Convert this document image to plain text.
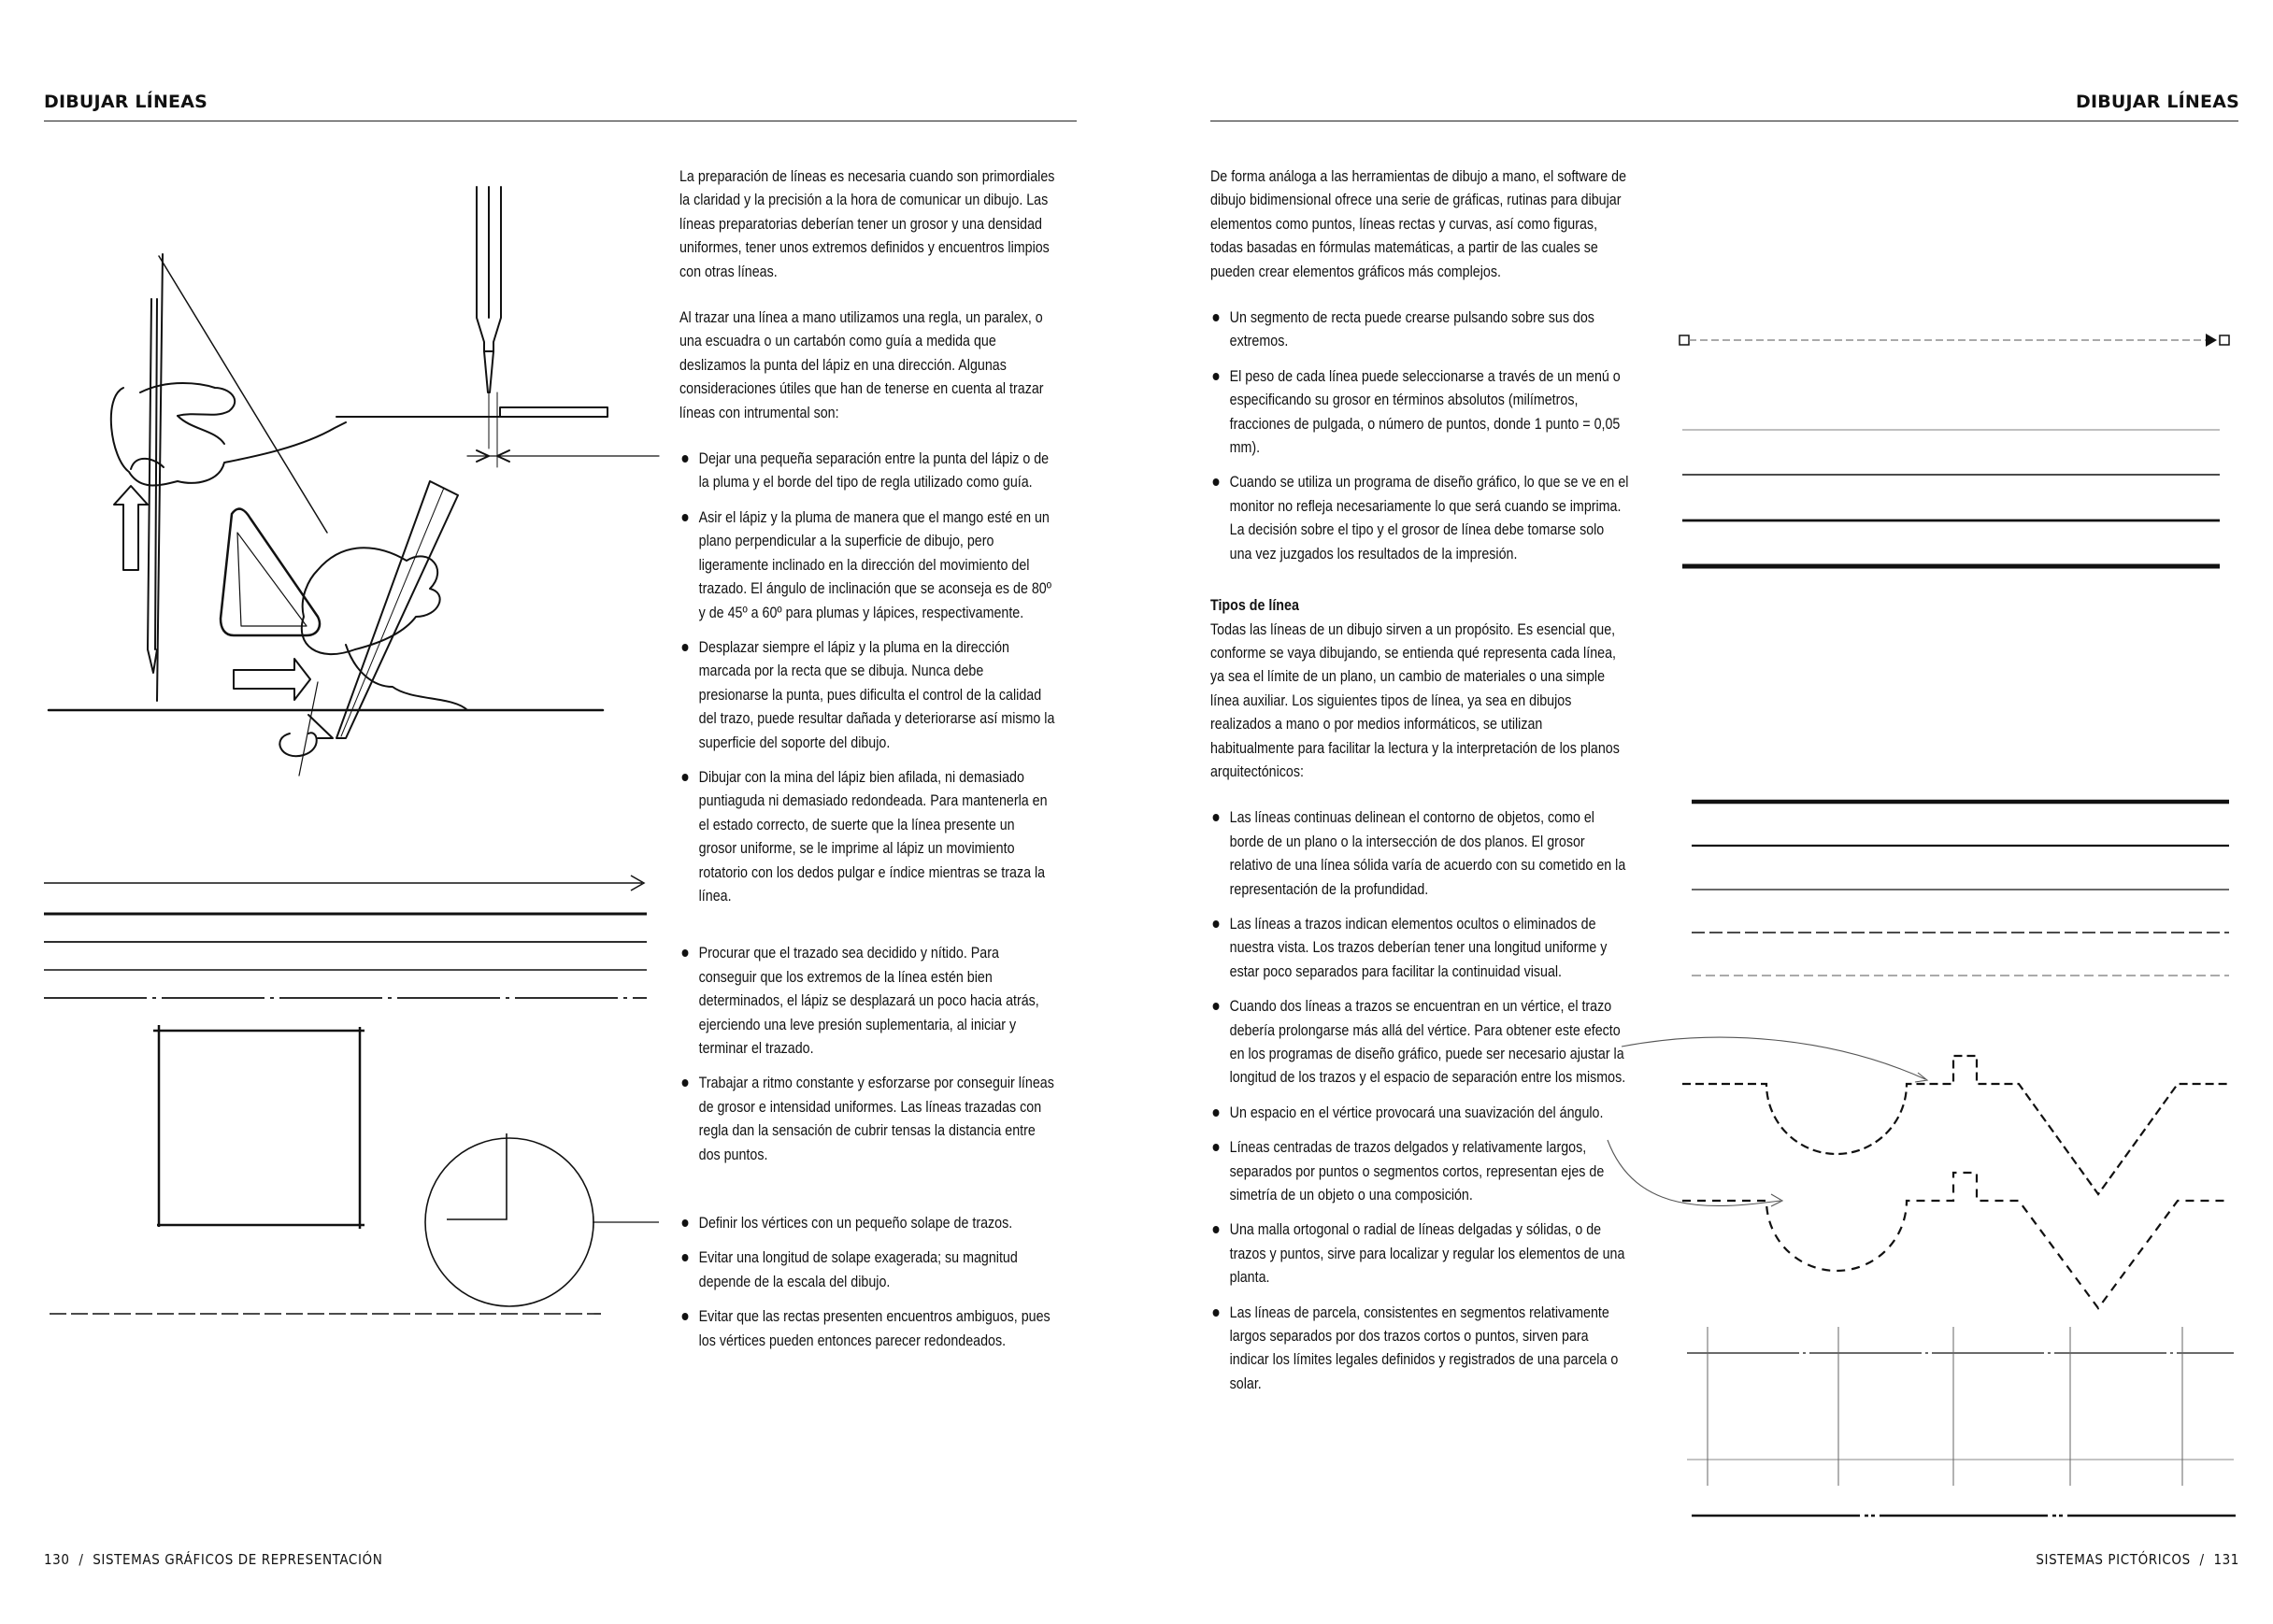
DIBUJAR LÍNEAS

La preparación de líneas es necesaria cuando son primordiales la claridad y la precisión a la hora de comunicar un dibujo. Las líneas preparatorias deberían tener un grosor y una densidad uniformes, tener unos extremos definidos y encuentros limpios con otras líneas.

Al trazar una línea a mano utilizamos una regla, un paralex, o una escuadra o un cartabón como guía a medida que deslizamos la punta del lápiz en una dirección. Algunas consideraciones útiles que han de tenerse en cuenta al trazar líneas con intrumental son:

Dejar una pequeña separación entre la punta del lápiz o de la pluma y el borde del tipo de regla utilizado como guía.
Asir el lápiz y la pluma de manera que el mango esté en un plano perpendicular a la superficie de dibujo, pero ligeramente inclinado en la dirección del movimiento del trazado. El ángulo de inclinación que se aconseja es de 80º y de 45º a 60º para plumas y lápices, respectivamente.
Desplazar siempre el lápiz y la pluma en la dirección marcada por la recta que se dibuja. Nunca debe presionarse la punta, pues dificulta el control de la calidad del trazo, puede resultar dañada y deteriorarse así mismo la superficie del soporte del dibujo.
Dibujar con la mina del lápiz bien afilada, ni demasiado puntiaguda ni demasiado redondeada. Para mantenerla en el estado correcto, de suerte que la línea presente un grosor uniforme, se le imprime al lápiz un movimiento rotatorio con los dedos pulgar e índice mientras se traza la línea.
Procurar que el trazado sea decidido y nítido. Para conseguir que los extremos de la línea estén bien determinados, el lápiz se desplazará un poco hacia atrás, ejerciendo una leve presión suplementaria, al iniciar y terminar el trazado.
Trabajar a ritmo constante y esforzarse por conseguir líneas de grosor e intensidad uniformes. Las líneas trazadas con regla dan la sensación de cubrir tensas la distancia entre dos puntos.
Definir los vértices con un pequeño solape de trazos.
Evitar una longitud de solape exagerada; su magnitud depende de la escala del dibujo.
Evitar que las rectas presenten encuentros ambiguos, pues los vértices pueden entonces parecer redondeados.
130  /  SISTEMAS GRÁFICOS DE REPRESENTACIÓN
DIBUJAR LÍNEAS

De forma análoga a las herramientas de dibujo a mano, el software de dibujo bidimensional ofrece una serie de gráficas, rutinas para dibujar elementos como puntos, líneas rectas y curvas, así como figuras, todas basadas en fórmulas matemáticas, a partir de las cuales se pueden crear elementos gráficos más complejos.

Un segmento de recta puede crearse pulsando sobre sus dos extremos.
El peso de cada línea puede seleccionarse a través de un menú o especificando su grosor en términos absolutos (milímetros, fracciones de pulgada, o número de puntos, donde 1 punto = 0,05 mm).
Cuando se utiliza un programa de diseño gráfico, lo que se ve en el monitor no refleja necesariamente lo que será cuando se imprima. La decisión sobre el tipo y el grosor de línea debe tomarse solo una vez juzgados los resultados de la impresión.
Tipos de línea

Todas las líneas de un dibujo sirven a un propósito. Es esencial que, conforme se vaya dibujando, se entienda qué representa cada línea, ya sea el límite de un plano, un cambio de materiales o una simple línea auxiliar. Los siguientes tipos de línea, ya sea en dibujos realizados a mano o por medios informáticos, se utilizan habitualmente para facilitar la lectura y la interpretación de los planos arquitectónicos:

Las líneas continuas delinean el contorno de objetos, como el borde de un plano o la intersección de dos planos. El grosor relativo de una línea sólida varía de acuerdo con su cometido en la representación de la profundidad.
Las líneas a trazos indican elementos ocultos o eliminados de nuestra vista. Los trazos deberían tener una longitud uniforme y estar poco separados para facilitar la continuidad visual.
Cuando dos líneas a trazos se encuentran en un vértice, el trazo debería prolongarse más allá del vértice. Para obtener este efecto en los programas de diseño gráfico, puede ser necesario ajustar la longitud de los trazos y el espacio de separación entre los mismos.
Un espacio en el vértice provocará una suavización del ángulo.
Líneas centradas de trazos delgados y relativamente largos, separados por puntos o segmentos cortos, representan ejes de simetría de un objeto o una composición.
Una malla ortogonal o radial de líneas delgadas y sólidas, o de trazos y puntos, sirve para localizar y regular los elementos de una planta.
Las líneas de parcela, consistentes en segmentos relativamente largos separados por dos trazos cortos o puntos, sirven para indicar los límites legales definidos y registrados de una parcela o solar.
SISTEMAS PICTÓRICOS  /  131
